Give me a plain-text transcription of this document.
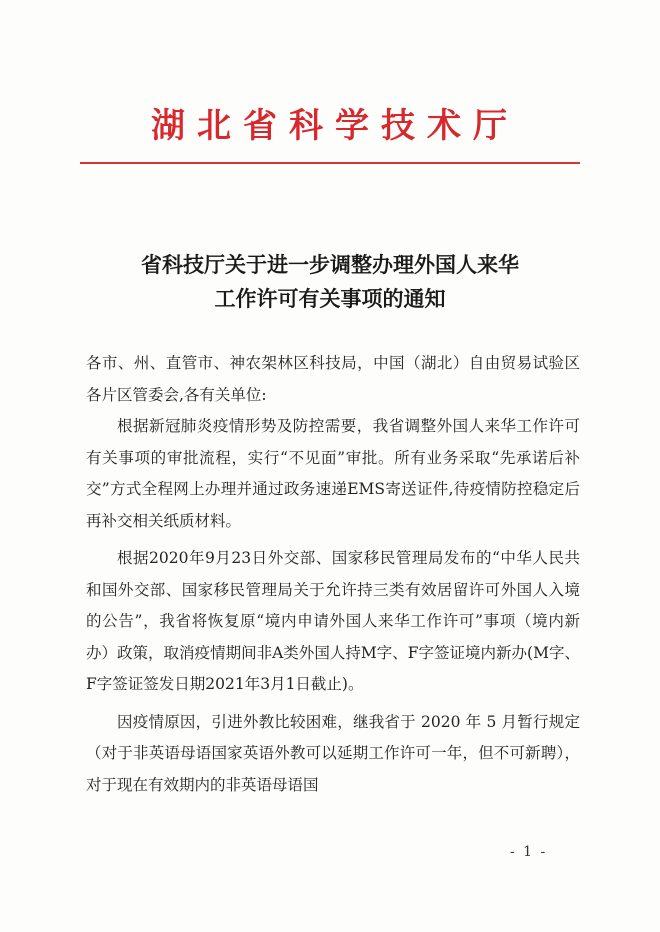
湖北省科学技术厅
省科技厅关于进一步调整办理外国人来华
工作许可有关事项的通知

各市、州、直管市、神农架林区科技局，中国（湖北）自由贸易试验区各片区管委会,各有关单位:

根据新冠肺炎疫情形势及防控需要，我省调整外国人来华工作许可有关事项的审批流程，实行“不见面”审批。所有业务采取“先承诺后补交”方式全程网上办理并通过政务速递EMS寄送证件,待疫情防控稳定后再补交相关纸质材料。

根据2020年9月23日外交部、国家移民管理局发布的“中华人民共和国外交部、国家移民管理局关于允许持三类有效居留许可外国人入境的公告”，我省将恢复原“境内申请外国人来华工作许可”事项（境内新办）政策，取消疫情期间非A类外国人持M字、F字签证境内新办(M字、F字签证签发日期2021年3月1日截止)。

因疫情原因，引进外教比较困难，继我省于 2020 年 5 月暂行规定（对于非英语母语国家英语外教可以延期工作许可一年，但不可新聘），对于现在有效期内的非英语母语国

- 1 -
